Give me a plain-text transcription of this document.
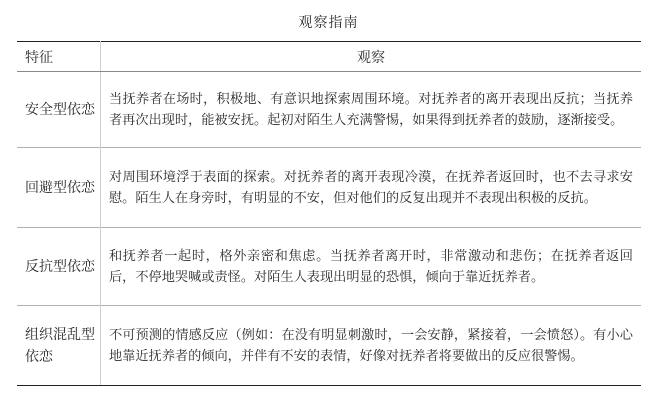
观察指南
特征	观察
安全型依恋	当抚养者在场时，积极地、有意识地探索周围环境。对抚养者的离开表现出反抗；当抚养者再次出现时，能被安抚。起初对陌生人充满警惕，如果得到抚养者的鼓励，逐渐接受。
回避型依恋	对周围环境浮于表面的探索。对抚养者的离开表现冷漠，在抚养者返回时，也不去寻求安慰。陌生人在身旁时，有明显的不安，但对他们的反复出现并不表现出积极的反抗。
反抗型依恋	和抚养者一起时，格外亲密和焦虑。当抚养者离开时，非常激动和悲伤；在抚养者返回后，不停地哭喊或责怪。对陌生人表现出明显的恐惧，倾向于靠近抚养者。
组织混乱型依恋	不可预测的情感反应（例如：在没有明显刺激时，一会安静，紧接着，一会愤怒）。有小心地靠近抚养者的倾向，并伴有不安的表情，好像对抚养者将要做出的反应很警惕。
